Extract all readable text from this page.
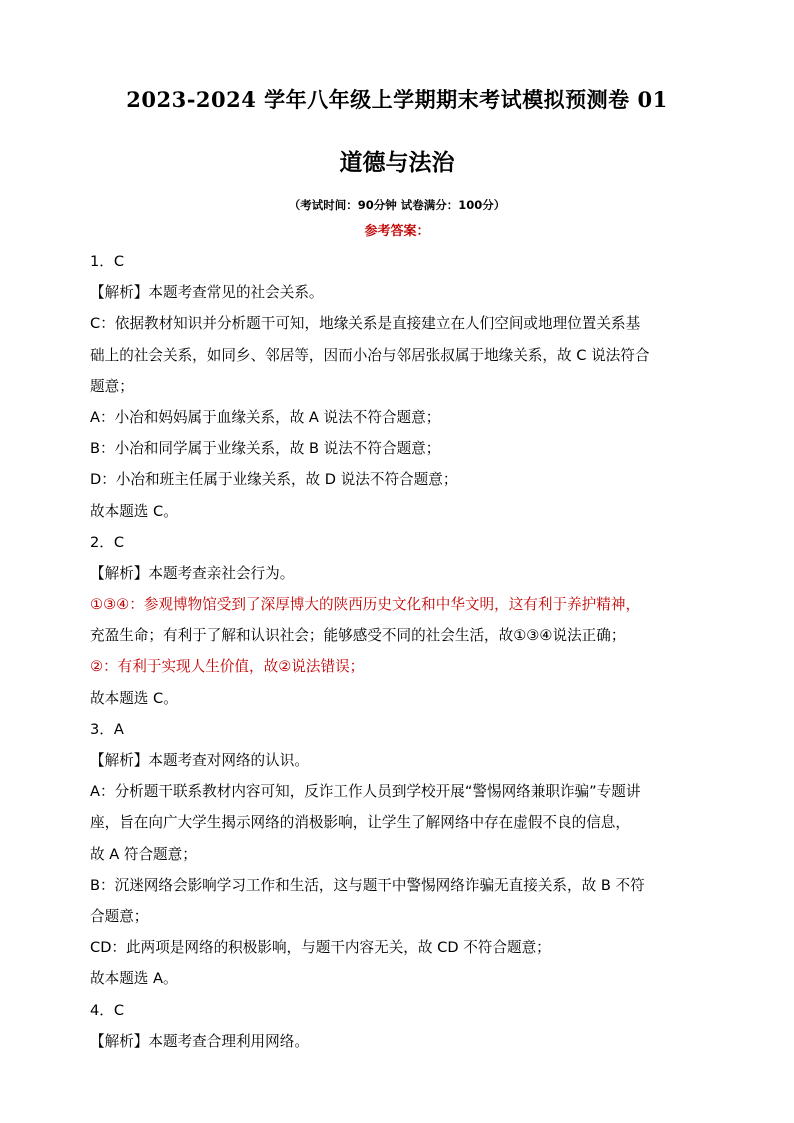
2023-2024 学年八年级上学期期末考试模拟预测卷 01
道德与法治
（考试时间：90分钟 试卷满分：100分）
参考答案：
1．C
【解析】本题考查常见的社会关系。
C：依据教材知识并分析题干可知，地缘关系是直接建立在人们空间或地理位置关系基
础上的社会关系，如同乡、邻居等，因而小冶与邻居张叔属于地缘关系，故 C 说法符合
题意；
A：小冶和妈妈属于血缘关系，故 A 说法不符合题意；
B：小冶和同学属于业缘关系，故 B 说法不符合题意；
D：小冶和班主任属于业缘关系，故 D 说法不符合题意；
故本题选 C。
2．C
【解析】本题考查亲社会行为。
①③④：参观博物馆受到了深厚博大的陕西历史文化和中华文明，这有利于养护精神，
充盈生命；有利于了解和认识社会；能够感受不同的社会生活，故①③④说法正确；
②：有利于实现人生价值，故②说法错误；
故本题选 C。
3．A
【解析】本题考查对网络的认识。
A：分析题干联系教材内容可知，反诈工作人员到学校开展“警惕网络兼职诈骗”专题讲
座，旨在向广大学生揭示网络的消极影响，让学生了解网络中存在虚假不良的信息，
故 A 符合题意；
B：沉迷网络会影响学习工作和生活，这与题干中警惕网络诈骗无直接关系，故 B 不符
合题意；
CD：此两项是网络的积极影响，与题干内容无关，故 CD 不符合题意；
故本题选 A。
4．C
【解析】本题考查合理利用网络。
